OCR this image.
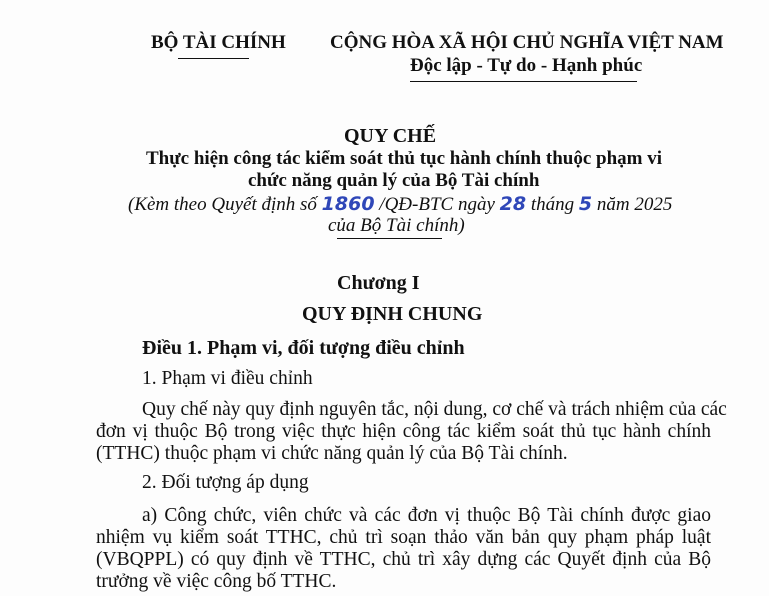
BỘ TÀI CHÍNH CỘNG HÒA XÃ HỘI CHỦ NGHĨA VIỆT NAM
Độc lập - Tự do - Hạnh phúc
QUY CHẾ
Thực hiện công tác kiểm soát thủ tục hành chính thuộc phạm vi
chức năng quản lý của Bộ Tài chính
(Kèm theo Quyết định số 1860 /QĐ-BTC ngày 28 tháng 5 năm 2025
của Bộ Tài chính)
Chương I
QUY ĐỊNH CHUNG
Điều 1. Phạm vi, đối tượng điều chỉnh
1. Phạm vi điều chỉnh
Quy chế này quy định nguyên tắc, nội dung, cơ chế và trách nhiệm của các
đơn vị thuộc Bộ trong việc thực hiện công tác kiểm soát thủ tục hành chính
(TTHC) thuộc phạm vi chức năng quản lý của Bộ Tài chính.
2. Đối tượng áp dụng
a) Công chức, viên chức và các đơn vị thuộc Bộ Tài chính được giao
nhiệm vụ kiểm soát TTHC, chủ trì soạn thảo văn bản quy phạm pháp luật
(VBQPPL) có quy định về TTHC, chủ trì xây dựng các Quyết định của Bộ
trưởng về việc công bố TTHC.
